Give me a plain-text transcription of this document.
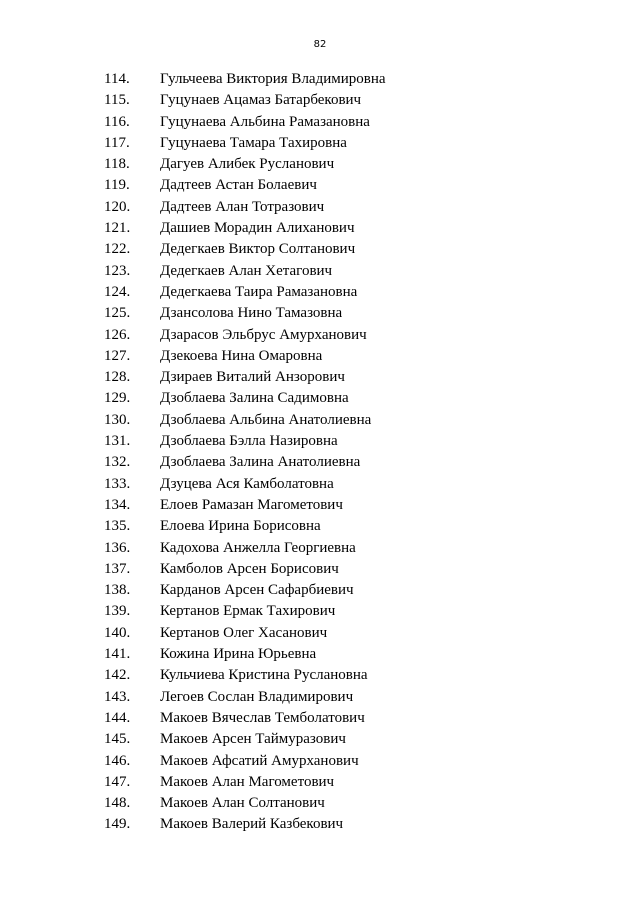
82
114. Гульчеева Виктория Владимировна
115. Гуцунаев Ацамаз Батарбекович
116. Гуцунаева Альбина Рамазановна
117. Гуцунаева Тамара Тахировна
118. Дагуев Алибек Русланович
119. Дадтеев Астан Болаевич
120. Дадтеев Алан Тотразович
121. Дашиев Морадин Алиханович
122. Дедегкаев Виктор Солтанович
123. Дедегкаев Алан Хетагович
124. Дедегкаева Таира Рамазановна
125. Дзансолова Нино Тамазовна
126. Дзарасов Эльбрус Амурханович
127. Дзекоева Нина Омаровна
128. Дзираев Виталий Анзорович
129. Дзоблаева Залина Садимовна
130. Дзоблаева Альбина Анатолиевна
131. Дзоблаева Бэлла Назировна
132. Дзоблаева Залина Анатолиевна
133. Дзуцева Ася Камболатовна
134. Елоев Рамазан Магометович
135. Елоева Ирина Борисовна
136. Кадохова Анжелла Георгиевна
137. Камболов Арсен Борисович
138. Карданов Арсен Сафарбиевич
139. Кертанов Ермак Тахирович
140. Кертанов Олег Хасанович
141. Кожина Ирина Юрьевна
142. Кульчиева Кристина Руслановна
143. Легоев Сослан Владимирович
144. Макоев Вячеслав Темболатович
145. Макоев Арсен Таймуразович
146. Макоев Афсатий Амурханович
147. Макоев Алан Магометович
148. Макоев Алан Солтанович
149. Макоев Валерий Казбекович
